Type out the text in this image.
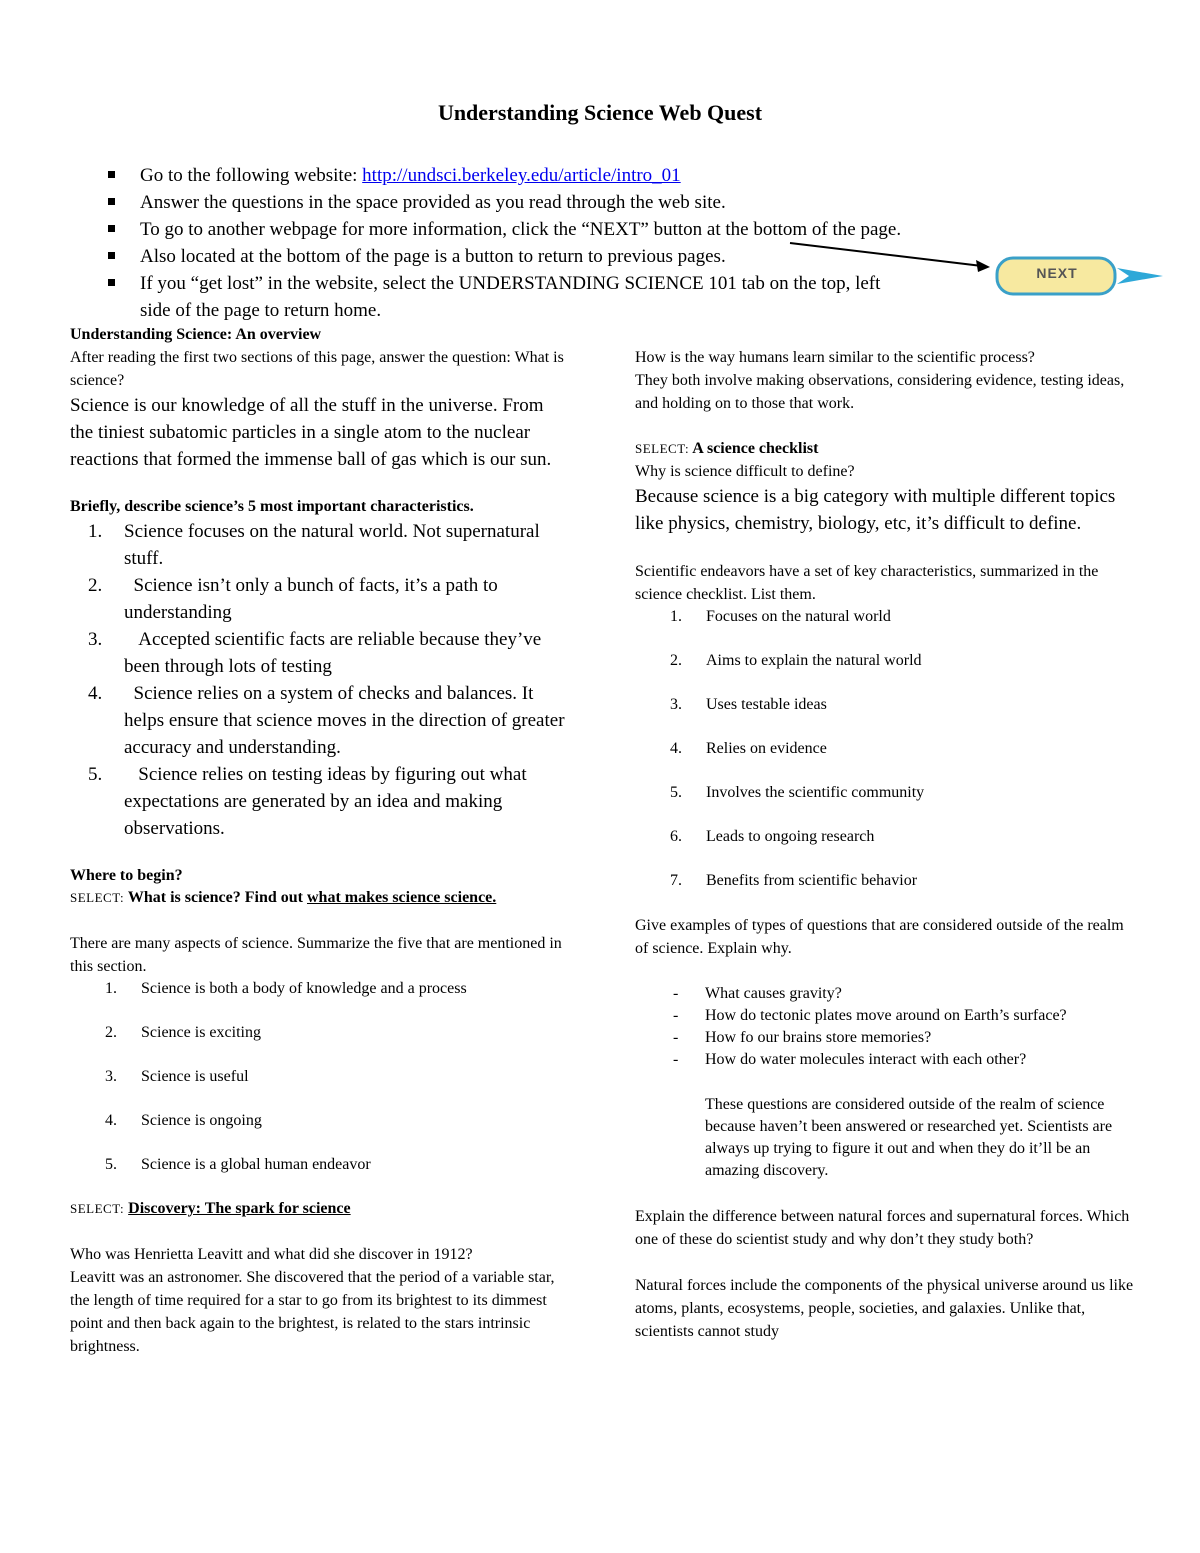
Understanding Science Web Quest
Go to the following website: http://undsci.berkeley.edu/article/intro_01
Answer the questions in the space provided as you read through the web site.
To go to another webpage for more information, click the “NEXT” button at the bottom of the page.
Also located at the bottom of the page is a button to return to previous pages.
If you “get lost” in the website, select the UNDERSTANDING SCIENCE 101 tab on the top, left side of the page to return home.
NEXT

Understanding Science: An overview

After reading the first two sections of this page, answer the question: What is science?

Science is our knowledge of all the stuff in the universe. From the tiniest subatomic particles in a single atom to the nuclear reactions that formed the immense ball of gas which is our sun.

Briefly, describe science’s 5 most important characteristics.

1. Science focuses on the natural world. Not supernatural stuff.
2. Science isn’t only a bunch of facts, it’s a path to understanding
3. Accepted scientific facts are reliable because they’ve been through lots of testing
4. Science relies on a system of checks and balances. It helps ensure that science moves in the direction of greater accuracy and understanding.
5. Science relies on testing ideas by figuring out what expectations are generated by an idea and making observations.

Where to begin?

SELECT: What is science? Find out what makes science science.

There are many aspects of science. Summarize the five that are mentioned in this section.

1. Science is both a body of knowledge and a process
2. Science is exciting
3. Science is useful
4. Science is ongoing
5. Science is a global human endeavor

SELECT: Discovery: The spark for science

Who was Henrietta Leavitt and what did she discover in 1912?

Leavitt was an astronomer. She discovered that the period of a variable star, the length of time required for a star to go from its brightest to its dimmest point and then back again to the brightest, is related to the stars intrinsic brightness.

How is the way humans learn similar to the scientific process?

They both involve making observations, considering evidence, testing ideas, and holding on to those that work.

SELECT: A science checklist

Why is science difficult to define?

Because science is a big category with multiple different topics like physics, chemistry, biology, etc, it’s difficult to define.

Scientific endeavors have a set of key characteristics, summarized in the science checklist. List them.

1. Focuses on the natural world
2. Aims to explain the natural world
3. Uses testable ideas
4. Relies on evidence
5. Involves the scientific community
6. Leads to ongoing research
7. Benefits from scientific behavior

Give examples of types of questions that are considered outside of the realm of science. Explain why.

- What causes gravity?
- How do tectonic plates move around on Earth’s surface?
- How fo our brains store memories?
- How do water molecules interact with each other?

These questions are considered outside of the realm of science because haven’t been answered or researched yet. Scientists are always up trying to figure it out and when they do it’ll be an amazing discovery.

Explain the difference between natural forces and supernatural forces. Which one of these do scientist study and why don’t they study both?

Natural forces include the components of the physical universe around us like atoms, plants, ecosystems, people, societies, and galaxies. Unlike that, scientists cannot study
